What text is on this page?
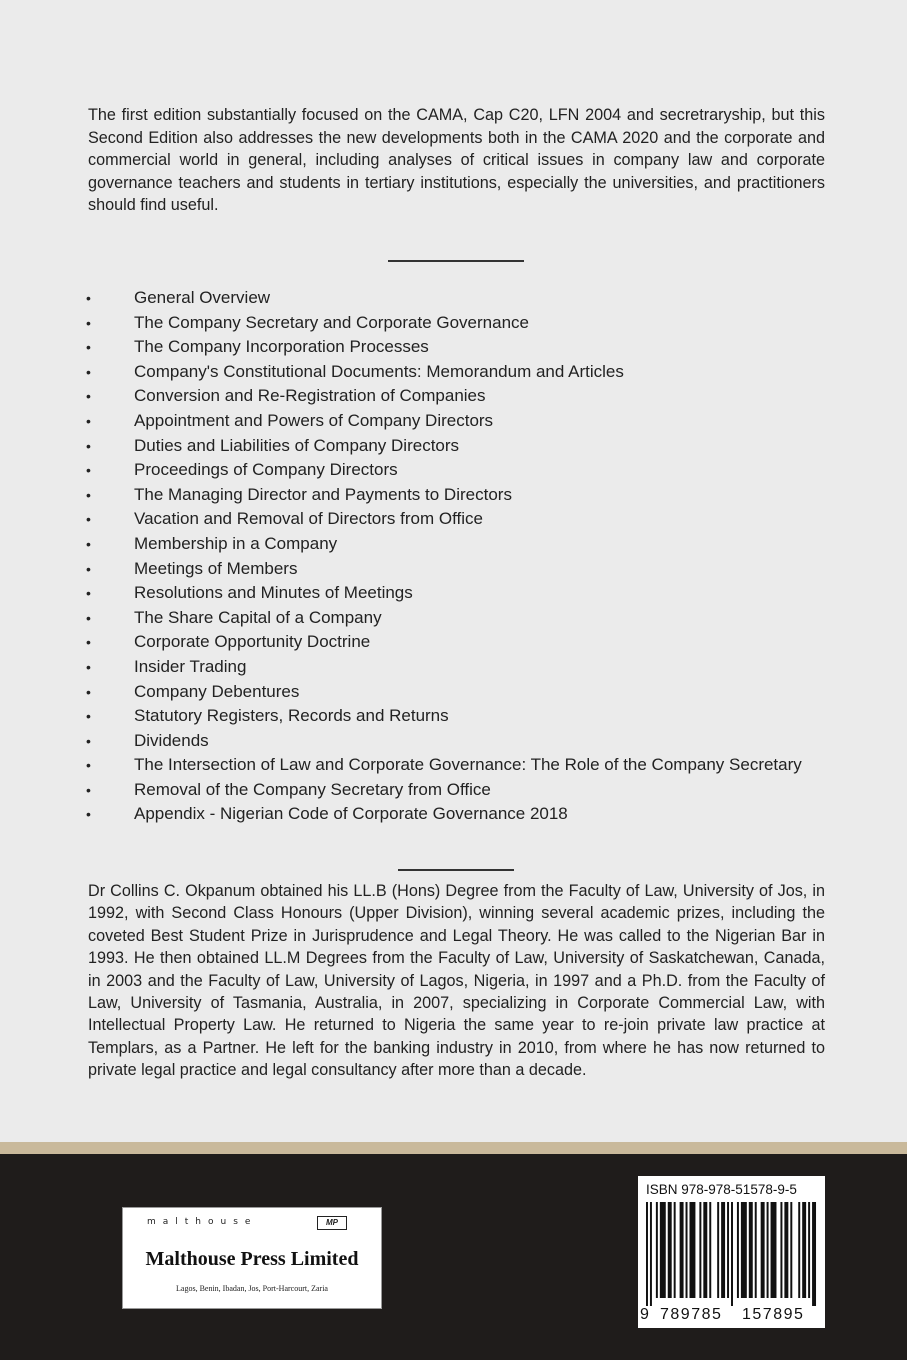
The first edition substantially focused on the CAMA, Cap C20, LFN 2004 and secretraryship, but this Second Edition also addresses the new developments both in the CAMA 2020 and the corporate and commercial world in general, including analyses of critical issues in company law and corporate governance teachers and students in tertiary institutions, especially the universities, and practitioners should find useful.

•	General Overview
•	The Company Secretary and Corporate Governance
•	The Company Incorporation Processes
•	Company's Constitutional Documents: Memorandum and Articles
•	Conversion and Re-Registration of Companies
•	Appointment and Powers of Company Directors
•	Duties and Liabilities of Company Directors
•	Proceedings of Company Directors
•	The Managing Director and Payments to Directors
•	Vacation and Removal of Directors from Office
•	Membership in a Company
•	Meetings of Members
•	Resolutions and Minutes of Meetings
•	The Share Capital of a Company
•	Corporate Opportunity Doctrine
•	Insider Trading
•	Company Debentures
•	Statutory Registers, Records and Returns
•	Dividends
•	The Intersection of Law and Corporate Governance: The Role of the Company Secretary
•	Removal of the Company Secretary from Office
•	Appendix - Nigerian Code of Corporate Governance 2018

Dr Collins C. Okpanum obtained his LL.B (Hons) Degree from the Faculty of Law, University of Jos, in 1992, with Second Class Honours (Upper Division), winning several academic prizes, including the coveted Best Student Prize in Jurisprudence and Legal Theory. He was called to the Nigerian Bar in 1993. He then obtained LL.M Degrees from the Faculty of Law, University of Saskatchewan, Canada, in 2003 and the Faculty of Law, University of Lagos, Nigeria, in 1997 and a Ph.D. from the Faculty of Law, University of Tasmania, Australia, in 2007, specializing in Corporate Commercial Law, with Intellectual Property Law. He returned to Nigeria the same year to re-join private law practice at Templars, as a Partner. He left for the banking industry in 2010, from where he has now returned to private legal practice and legal consultancy after more than a decade.

malthouse	MP
Malthouse Press Limited
Lagos, Benin, Ibadan, Jos, Port-Harcourt, Zaria
ISBN 978-978-51578-9-5
9 789785 157895
